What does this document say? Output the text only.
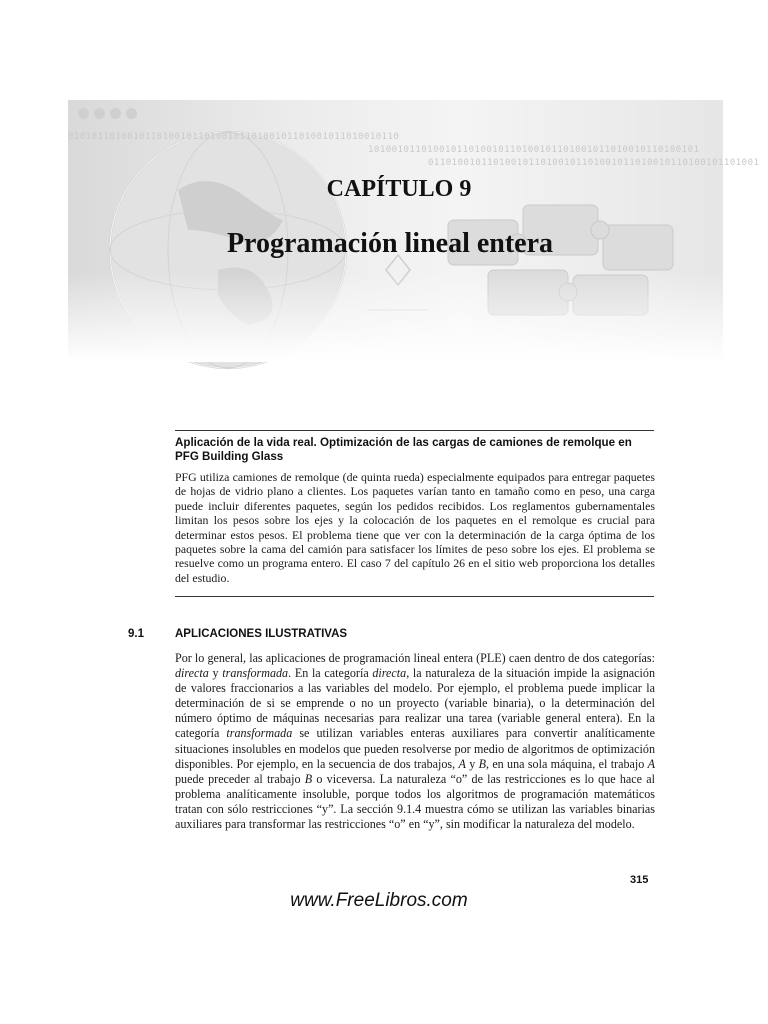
01010110100101101001011010010110100101101001011010010110
10100101101001011010010110100101101001011010010110100101
01101001011010010110100101101001011010010110100101101001
CAPÍTULO 9
Programación lineal entera
Aplicación de la vida real. Optimización de las cargas de camiones de remolque en PFG Building Glass
PFG utiliza camiones de remolque (de quinta rueda) especialmente equipados para entregar paquetes de hojas de vidrio plano a clientes. Los paquetes varían tanto en tamaño como en peso, una carga puede incluir diferentes paquetes, según los pedidos recibidos. Los reglamentos gubernamentales limitan los pesos sobre los ejes y la colocación de los paquetes en el remolque es crucial para determinar estos pesos. El problema tiene que ver con la determinación de la carga óptima de los paquetes sobre la cama del camión para satisfacer los límites de peso sobre los ejes. El problema se resuelve como un programa entero. El caso 7 del capítulo 26 en el sitio web proporciona los detalles del estudio.
9.1	APLICACIONES ILUSTRATIVAS
Por lo general, las aplicaciones de programación lineal entera (PLE) caen dentro de dos categorías: directa y transformada. En la categoría directa, la naturaleza de la situación impide la asignación de valores fraccionarios a las variables del modelo. Por ejemplo, el problema puede implicar la determinación de si se emprende o no un proyecto (variable binaria), o la determinación del número óptimo de máquinas necesarias para realizar una tarea (variable general entera). En la categoría transformada se utilizan variables enteras auxiliares para convertir analíticamente situaciones insolubles en modelos que pueden resolverse por medio de algoritmos de optimización disponibles. Por ejemplo, en la secuencia de dos trabajos, A y B, en una sola máquina, el trabajo A puede preceder al trabajo B o viceversa. La naturaleza “o” de las restricciones es lo que hace al problema analíticamente insoluble, porque todos los algoritmos de programación matemáticos tratan con sólo restricciones “y”. La sección 9.1.4 muestra cómo se utilizan las variables binarias auxiliares para transformar las restricciones “o” en “y”, sin modificar la naturaleza del modelo.
315
www.FreeLibros.com
